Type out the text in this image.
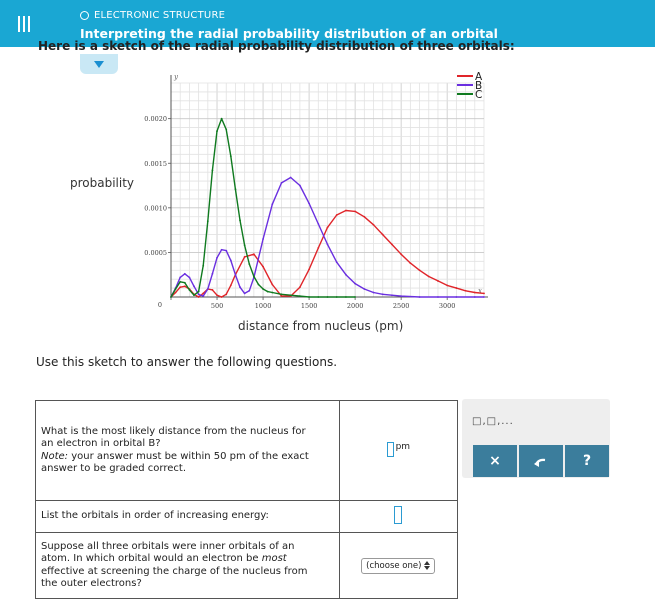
ELECTRONIC STRUCTURE
Interpreting the radial probability distribution of an orbital
Here is a sketch of the radial probability distribution of three orbitals:
y
x
0	500	1000	1500	2000	2500	3000
0.0020
0.0015
0.0010
0.0005
A
B
C
probability
distance from nucleus (pm)
Use this sketch to answer the following questions.
What is the most likely distance from the nucleus for
an electron in orbital B?
Note: your answer must be within 50 pm of the exact
answer to be graded correct.	pm

List the orbitals in order of increasing energy:	

Suppose all three orbitals were inner orbitals of an
atom. In which orbital would an electron be most
effective at screening the charge of the nucleus from
the outer electrons?	(choose one)
□,□,...
×	?
